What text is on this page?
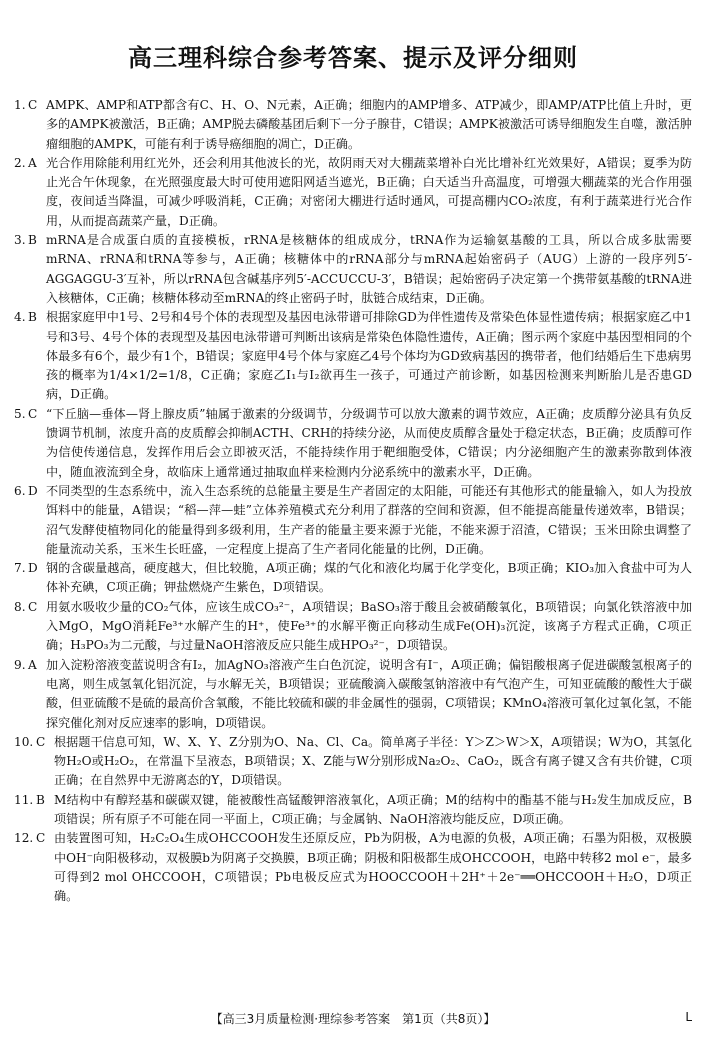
高三理科综合参考答案、提示及评分细则
1. C AMPK、AMP和ATP都含有C、H、O、N元素，A正确；细胞内的AMP增多、ATP减少，即AMP/ATP比值上升时，更多的AMPK被激活，B正确；AMP脱去磷酸基团后剩下一分子腺苷，C错误；AMPK被激活可诱导细胞发生自噬，激活肿瘤细胞的AMPK，可能有利于诱导癌细胞的凋亡，D正确。
2. A 光合作用除能利用红光外，还会利用其他波长的光，故阴雨天对大棚蔬菜增补白光比增补红光效果好，A错误；夏季为防止光合午休现象，在光照强度最大时可使用遮阳网适当遮光，B正确；白天适当升高温度，可增强大棚蔬菜的光合作用强度，夜间适当降温，可减少呼吸消耗，C正确；对密闭大棚进行适时通风，可提高棚内CO₂浓度，有利于蔬菜进行光合作用，从而提高蔬菜产量，D正确。
3. B mRNA是合成蛋白质的直接模板，rRNA是核糖体的组成成分，tRNA作为运输氨基酸的工具，所以合成多肽需要mRNA、rRNA和tRNA等参与，A正确；核糖体中的rRNA部分与mRNA起始密码子（AUG）上游的一段序列5′-AGGAGGU-3′互补，所以rRNA包含碱基序列5′-ACCUCCU-3′，B错误；起始密码子决定第一个携带氨基酸的tRNA进入核糖体，C正确；核糖体移动至mRNA的终止密码子时，肽链合成结束，D正确。
4. B 根据家庭甲中1号、2号和4号个体的表现型及基因电泳带谱可排除GD为伴性遗传及常染色体显性遗传病；根据家庭乙中1号和3号、4号个体的表现型及基因电泳带谱可判断出该病是常染色体隐性遗传，A正确；图示两个家庭中基因型相同的个体最多有6个，最少有1个，B错误；家庭甲4号个体与家庭乙4号个体均为GD致病基因的携带者，他们结婚后生下患病男孩的概率为1/4×1/2=1/8，C正确；家庭乙Ⅰ₁与Ⅰ₂欲再生一孩子，可通过产前诊断，如基因检测来判断胎儿是否患GD病，D正确。
5. C “下丘脑—垂体—肾上腺皮质”轴属于激素的分级调节，分级调节可以放大激素的调节效应，A正确；皮质醇分泌具有负反馈调节机制，浓度升高的皮质醇会抑制ACTH、CRH的持续分泌，从而使皮质醇含量处于稳定状态，B正确；皮质醇可作为信使传递信息，发挥作用后会立即被灭活，不能持续作用于靶细胞受体，C错误；内分泌细胞产生的激素弥散到体液中，随血液流到全身，故临床上通常通过抽取血样来检测内分泌系统中的激素水平，D正确。
6. D 不同类型的生态系统中，流入生态系统的总能量主要是生产者固定的太阳能，可能还有其他形式的能量输入，如人为投放饵料中的能量，A错误；“稻—萍—蛙”立体养殖模式充分利用了群落的空间和资源，但不能提高能量传递效率，B错误；沼气发酵使植物同化的能量得到多级利用，生产者的能量主要来源于光能，不能来源于沼渣，C错误；玉米田除虫调整了能量流动关系，玉米生长旺盛，一定程度上提高了生产者同化能量的比例，D正确。
7. D 钢的含碳量越高，硬度越大，但比较脆，A项正确；煤的气化和液化均属于化学变化，B项正确；KIO₃加入食盐中可为人体补充碘，C项正确；钾盐燃烧产生紫色，D项错误。
8. C 用氨水吸收少量的CO₂气体，应该生成CO₃²⁻，A项错误；BaSO₃溶于酸且会被硝酸氧化，B项错误；向氯化铁溶液中加入MgO，MgO消耗Fe³⁺水解产生的H⁺，使Fe³⁺的水解平衡正向移动生成Fe(OH)₃沉淀，该离子方程式正确，C项正确；H₃PO₃为二元酸，与过量NaOH溶液反应只能生成HPO₃²⁻，D项错误。
9. A 加入淀粉溶液变蓝说明含有I₂，加AgNO₃溶液产生白色沉淀，说明含有I⁻，A项正确；偏铝酸根离子促进碳酸氢根离子的电离，则生成氢氧化铝沉淀，与水解无关，B项错误；亚硫酸滴入碳酸氢钠溶液中有气泡产生，可知亚硫酸的酸性大于碳酸，但亚硫酸不是硫的最高价含氧酸，不能比较硫和碳的非金属性的强弱，C项错误；KMnO₄溶液可氧化过氧化氢，不能探究催化剂对反应速率的影响，D项错误。
10. C 根据题干信息可知，W、X、Y、Z分别为O、Na、Cl、Ca。简单离子半径：Y＞Z＞W＞X，A项错误；W为O，其氢化物H₂O或H₂O₂，在常温下呈液态，B项错误；X、Z能与W分别形成Na₂O₂、CaO₂，既含有离子键又含有共价键，C项正确；在自然界中无游离态的Y，D项错误。
11. B M结构中有醇羟基和碳碳双键，能被酸性高锰酸钾溶液氧化，A项正确；M的结构中的酯基不能与H₂发生加成反应，B项错误；所有原子不可能在同一平面上，C项正确；与金属钠、NaOH溶液均能反应，D项正确。
12. C 由装置图可知，H₂C₂O₄生成OHCCOOH发生还原反应，Pb为阴极，A为电源的负极，A项正确；石墨为阳极，双极膜中OH⁻向阳极移动，双极膜b为阴离子交换膜，B项正确；阴极和阳极都生成OHCCOOH，电路中转移2 mol e⁻，最多可得到2 mol OHCCOOH，C项错误；Pb电极反应式为HOOCCOOH＋2H⁺＋2e⁻══OHCCOOH＋H₂O，D项正确。
【高三3月质量检测·理综参考答案　第1页（共8页）】	L
